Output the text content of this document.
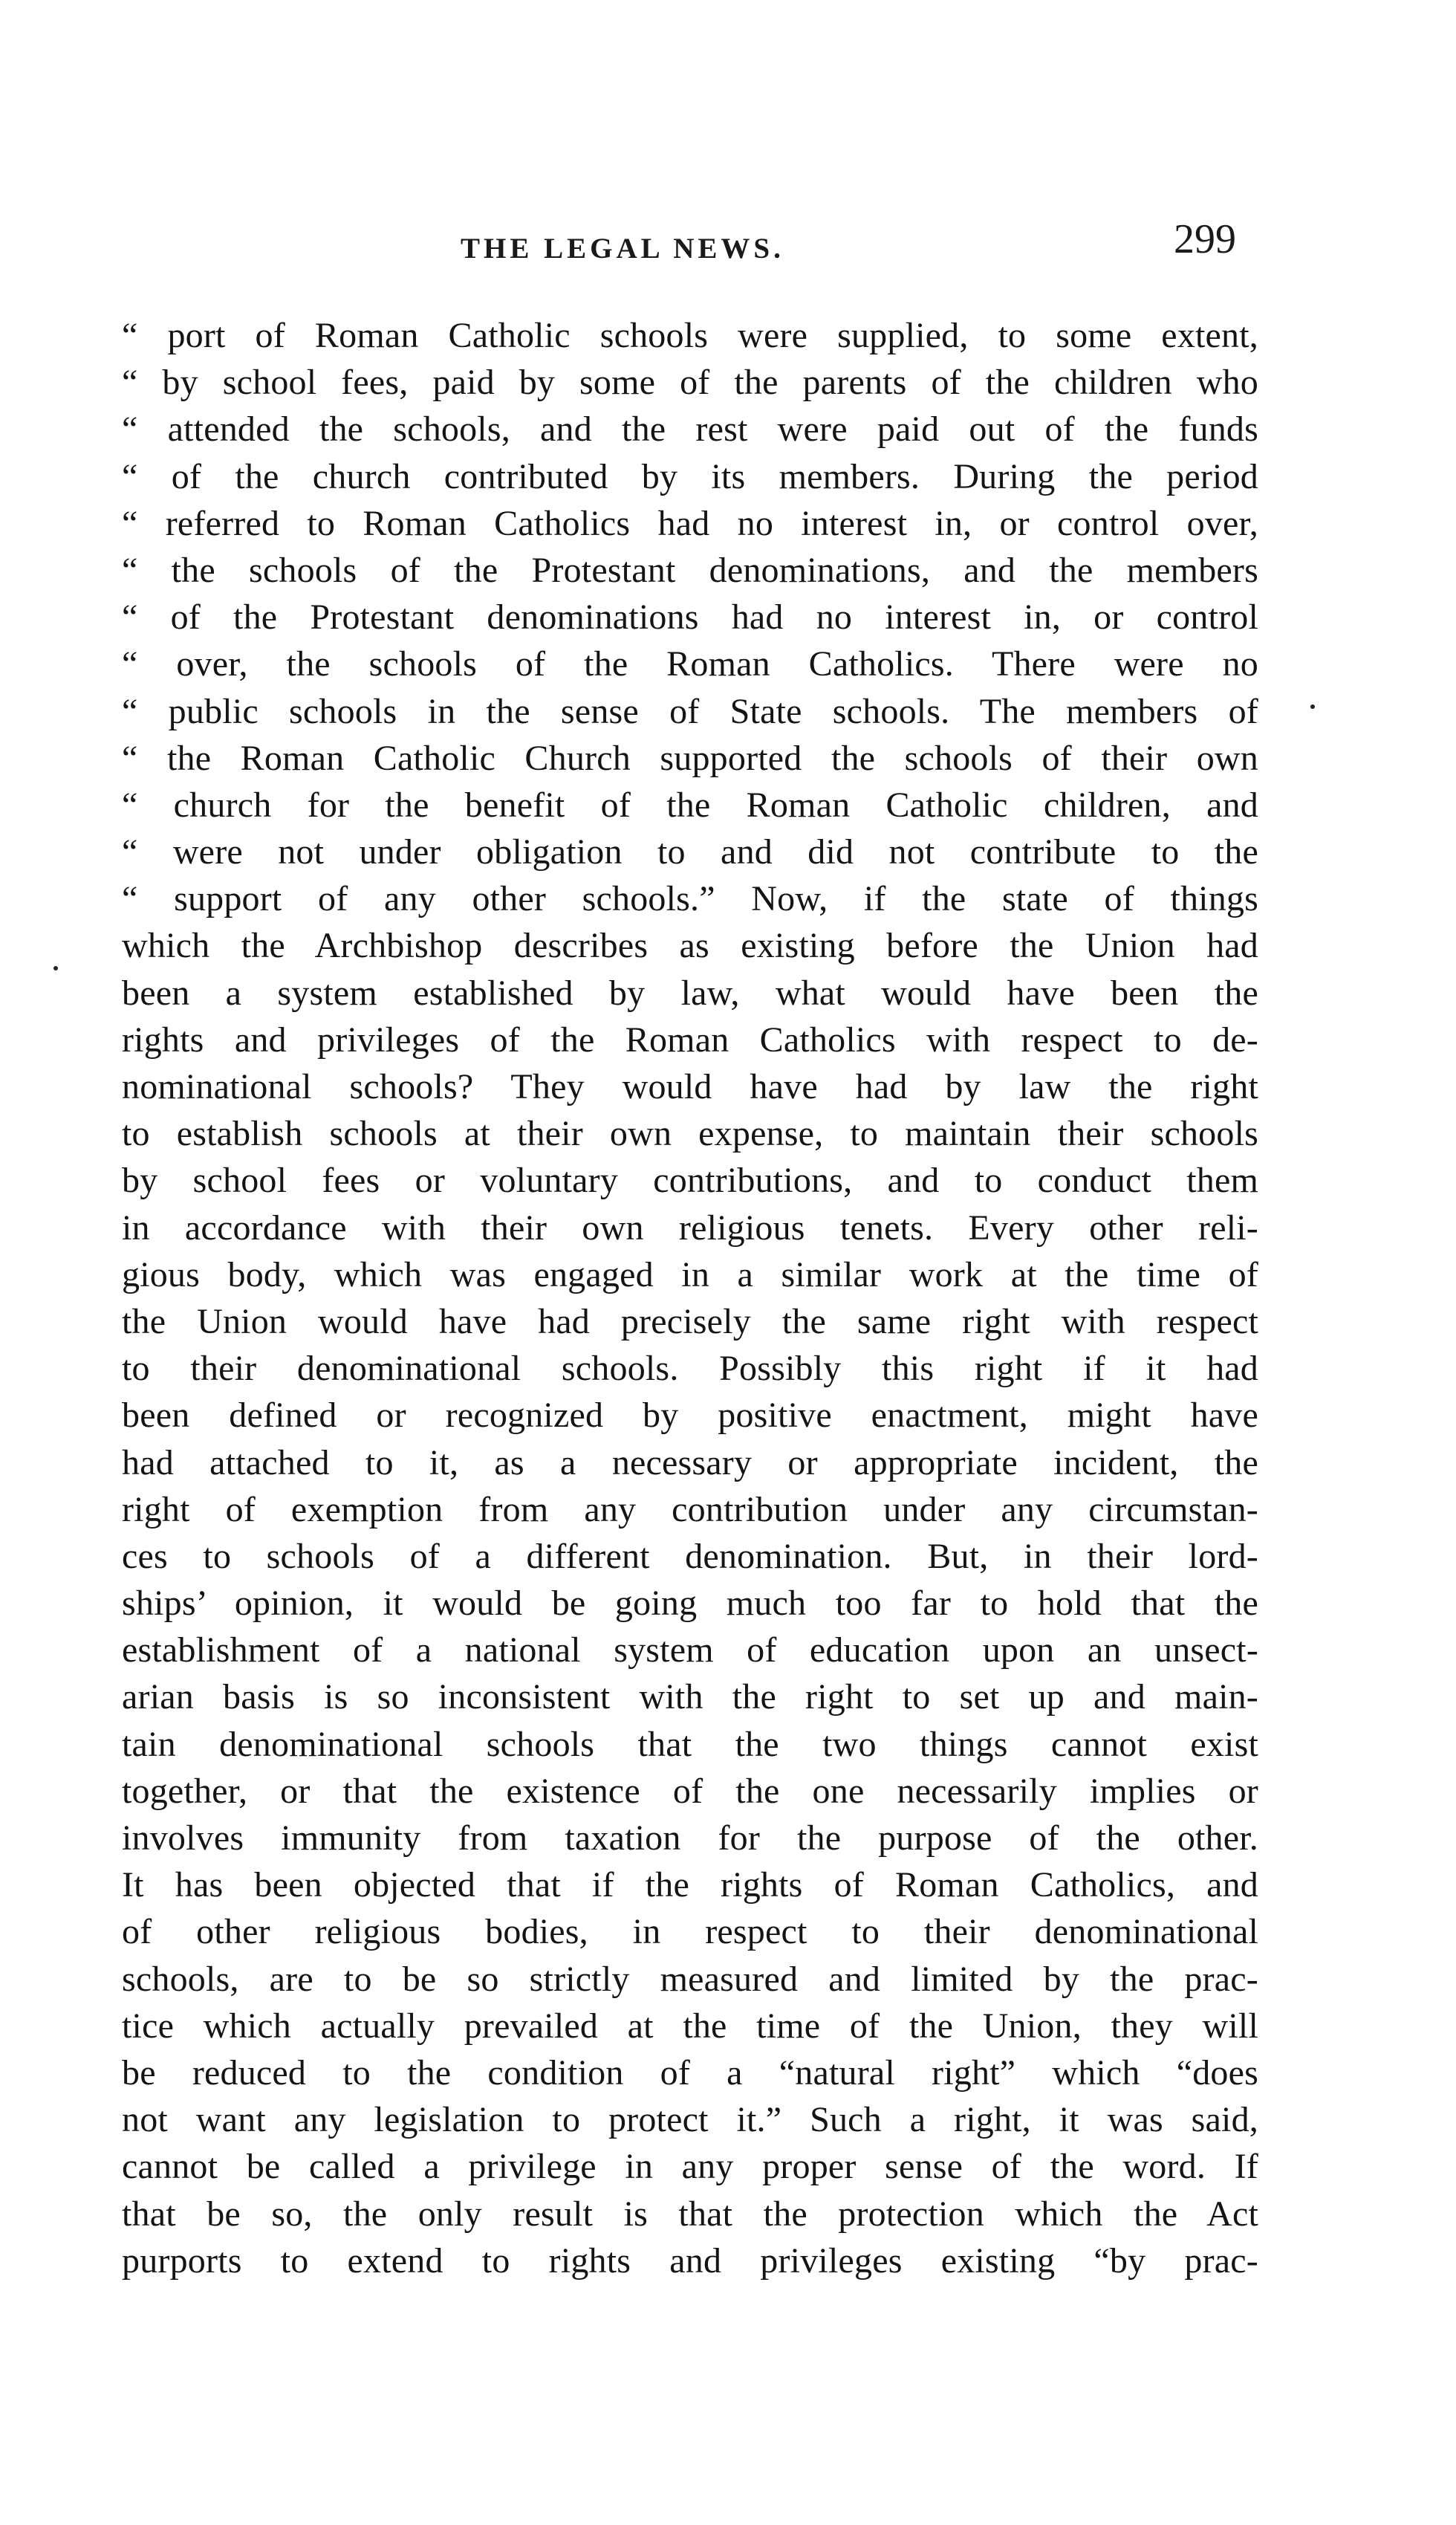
THE LEGAL NEWS.	299
“ port of Roman Catholic schools were supplied, to some extent,
“ by school fees, paid by some of the parents of the children who
“ attended the schools, and the rest were paid out of the funds
“ of the church contributed by its members. During the period
“ referred to Roman Catholics had no interest in, or control over,
“ the schools of the Protestant denominations, and the members
“ of the Protestant denominations had no interest in, or control
“ over, the schools of the Roman Catholics. There were no
“ public schools in the sense of State schools. The members of
“ the Roman Catholic Church supported the schools of their own
“ church for the benefit of the Roman Catholic children, and
“ were not under obligation to and did not contribute to the
“ support of any other schools.” Now, if the state of things
which the Archbishop describes as existing before the Union had
been a system established by law, what would have been the
rights and privileges of the Roman Catholics with respect to de-
nominational schools? They would have had by law the right
to establish schools at their own expense, to maintain their schools
by school fees or voluntary contributions, and to conduct them
in accordance with their own religious tenets. Every other reli-
gious body, which was engaged in a similar work at the time of
the Union would have had precisely the same right with respect
to their denominational schools. Possibly this right if it had
been defined or recognized by positive enactment, might have
had attached to it, as a necessary or appropriate incident, the
right of exemption from any contribution under any circumstan-
ces to schools of a different denomination. But, in their lord-
ships’ opinion, it would be going much too far to hold that the
establishment of a national system of education upon an unsect-
arian basis is so inconsistent with the right to set up and main-
tain denominational schools that the two things cannot exist
together, or that the existence of the one necessarily implies or
involves immunity from taxation for the purpose of the other.
It has been objected that if the rights of Roman Catholics, and
of other religious bodies, in respect to their denominational
schools, are to be so strictly measured and limited by the prac-
tice which actually prevailed at the time of the Union, they will
be reduced to the condition of a “natural right” which “does
not want any legislation to protect it.” Such a right, it was said,
cannot be called a privilege in any proper sense of the word. If
that be so, the only result is that the protection which the Act
purports to extend to rights and privileges existing “by prac-
